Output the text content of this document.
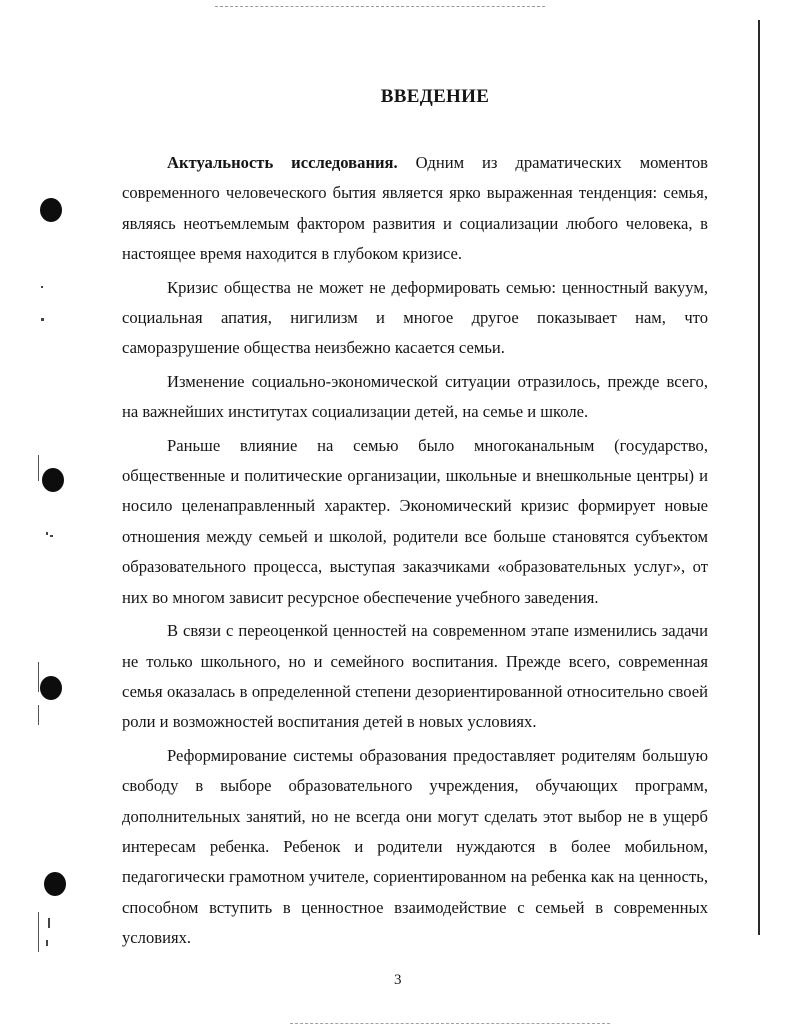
ВВЕДЕНИЕ

Актуальность исследования. Одним из драматических моментов современного человеческого бытия является ярко выраженная тенденция: семья, являясь неотъемлемым фактором развития и социализации любого человека, в настоящее время находится в глубоком кризисе.

Кризис общества не может не деформировать семью: ценностный вакуум, социальная апатия, нигилизм и многое другое показывает нам, что саморазрушение общества неизбежно касается семьи.

Изменение социально-экономической ситуации отразилось, прежде всего, на важнейших институтах социализации детей, на семье и школе.

Раньше влияние на семью было многоканальным (государство, общественные и политические организации, школьные и внешкольные центры) и носило целенаправленный характер. Экономический кризис формирует новые отношения между семьей и школой, родители все больше становятся субъектом образовательного процесса, выступая заказчиками «образовательных услуг», от них во многом зависит ресурсное обеспечение учебного заведения.

В связи с переоценкой ценностей на современном этапе изменились задачи не только школьного, но и семейного воспитания. Прежде всего, современная семья оказалась в определенной степени дезориентированной относительно своей роли и возможностей воспитания детей в новых условиях.

Реформирование системы образования предоставляет родителям большую свободу в выборе образовательного учреждения, обучающих программ, дополнительных занятий, но не всегда они могут сделать этот выбор не в ущерб интересам ребенка. Ребенок и родители нуждаются в более мобильном, педагогически грамотном учителе, сориентированном на ребенка как на ценность, способном вступить в ценностное взаимодействие с семьей в современных условиях.

3
